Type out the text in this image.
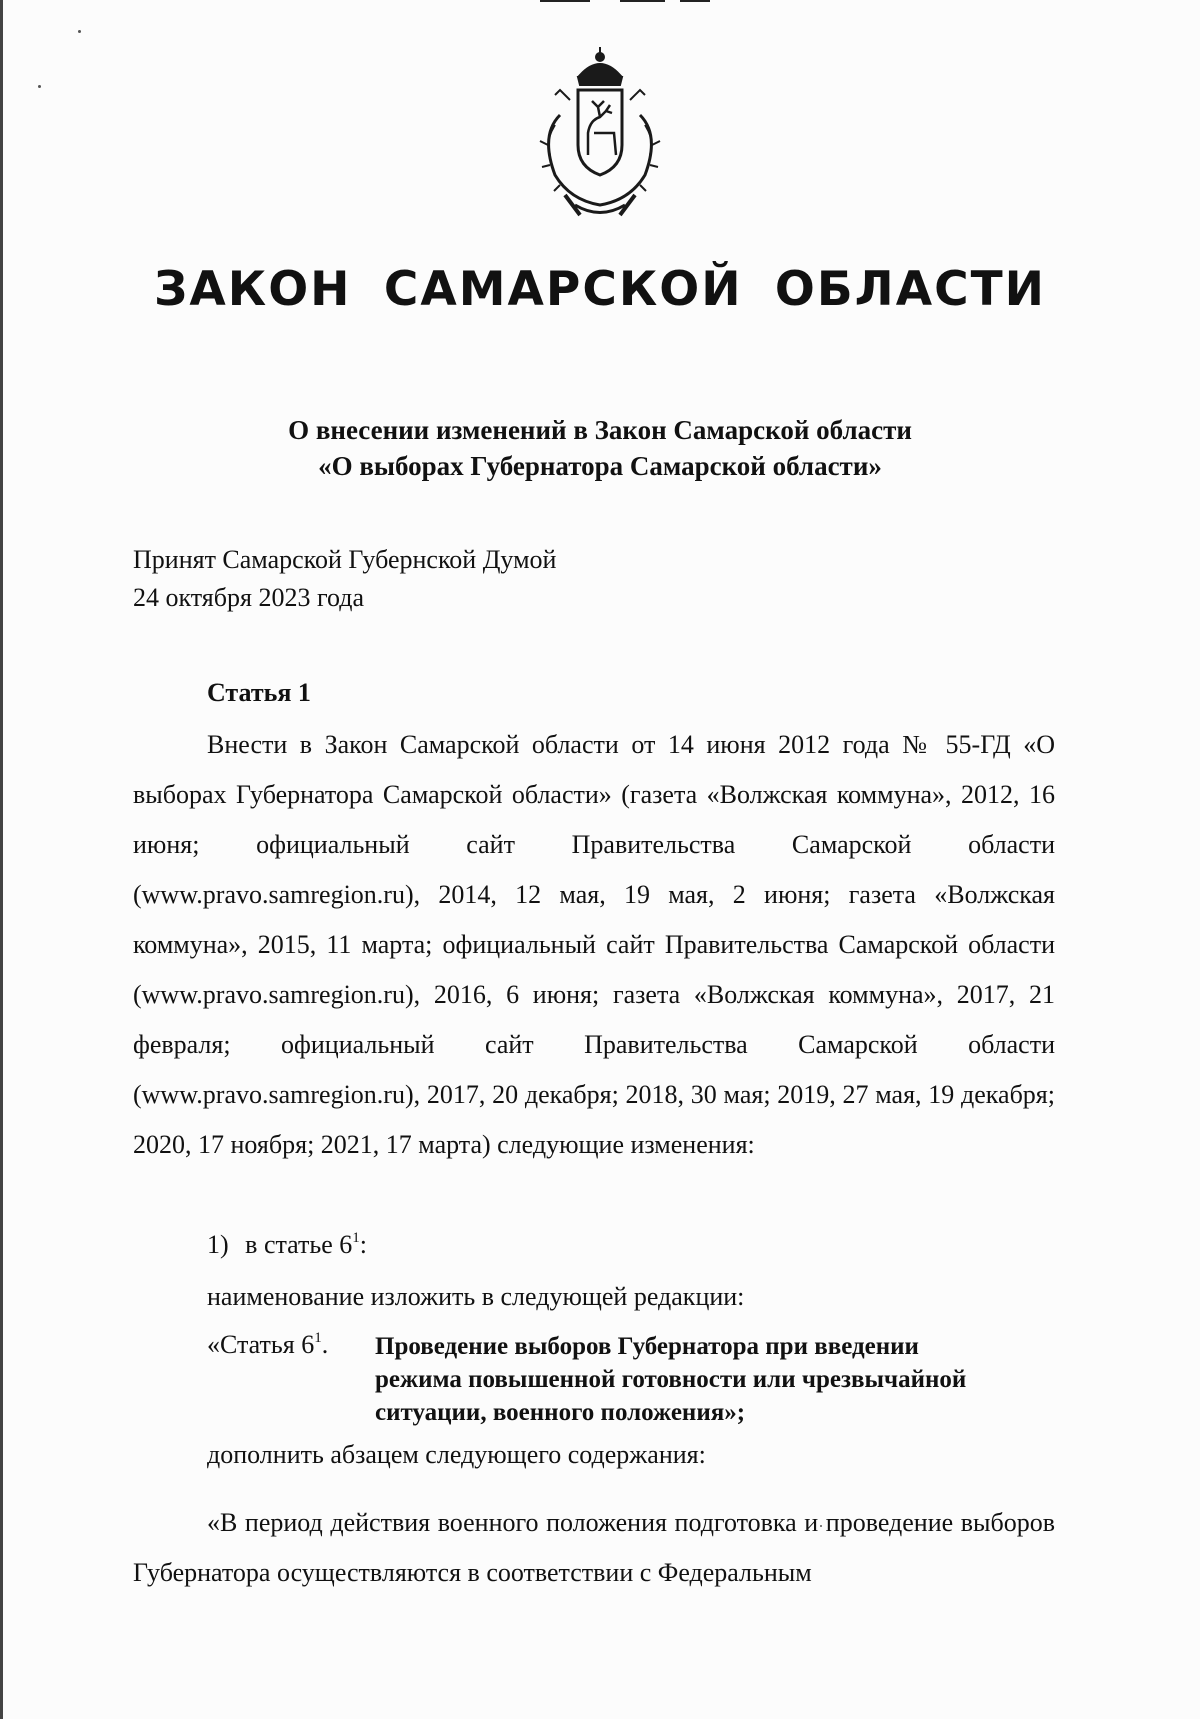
ЗАКОН САМАРСКОЙ ОБЛАСТИ
О внесении изменений в Закон Самарской области
«О выборах Губернатора Самарской области»
Принят Самарской Губернской Думой
24 октября 2023 года
Статья 1
Внести в Закон Самарской области от 14 июня 2012 года № 55-ГД «О выборах Губернатора Самарской области» (газета «Волжская коммуна», 2012, 16 июня; официальный сайт Правительства Самарской области (www.pravo.samregion.ru), 2014, 12 мая, 19 мая, 2 июня; газета «Волжская коммуна», 2015, 11 марта; официальный сайт Правительства Самарской области (www.pravo.samregion.ru), 2016, 6 июня; газета «Волжская коммуна», 2017, 21 февраля; официальный сайт Правительства Самарской области (www.pravo.samregion.ru), 2017, 20 декабря; 2018, 30 мая; 2019, 27 мая, 19 декабря; 2020, 17 ноября; 2021, 17 марта) следующие изменения:
1) в статье $6^1$:
наименование изложить в следующей редакции:
«Статья $6^1$. Проведение выборов Губернатора при введении
режима повышенной готовности или чрезвычайной
ситуации, военного положения»;
дополнить абзацем следующего содержания:
«В период действия военного положения подготовка и проведение выборов Губернатора осуществляются в соответствии с Федеральным
